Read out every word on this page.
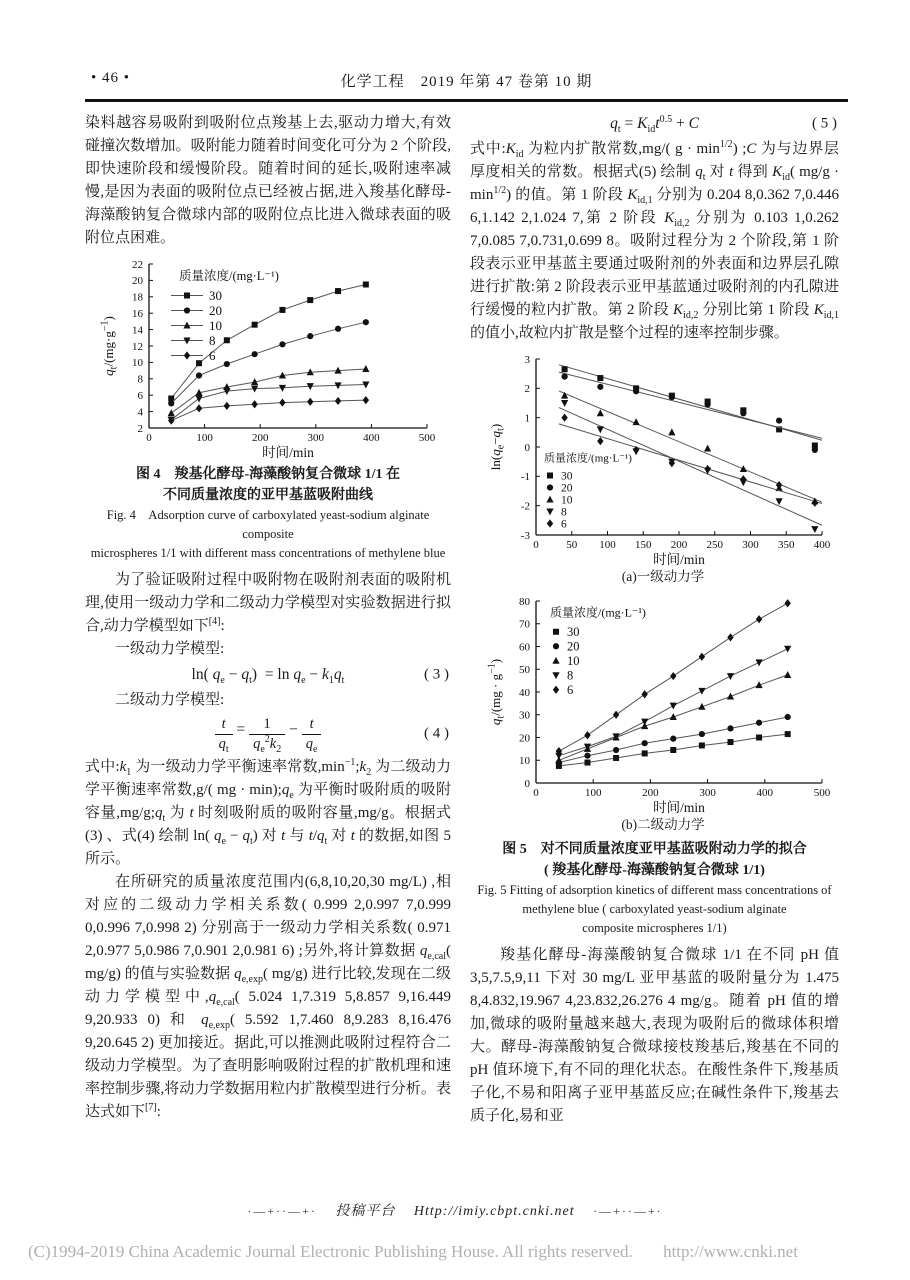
• 46 •	化学工程　2019 年第 47 卷第 10 期

染料越容易吸附到吸附位点羧基上去,驱动力增大,有效碰撞次数增加。吸附能力随着时间变化可分为 2 个阶段,即快速阶段和缓慢阶段。随着时间的延长,吸附速率减慢,是因为表面的吸附位点已经被占据,进入羧基化酵母-海藻酸钠复合微球内部的吸附位点比进入微球表面的吸附位点困难。

$q_t/(mg\cdot g^{-1})$
0	100	200	300	400	500
2
4
6
8
10
12
14
16
18
20
22
时间/min
质量浓度/(mg·L⁻¹)
30
20
10
8
6
图 4　羧基化酵母-海藻酸钠复合微球 1/1 在
不同质量浓度的亚甲基蓝吸附曲线
Fig. 4　Adsorption curve of carboxylated yeast-sodium alginate composite
microspheres 1/1 with different mass concentrations of methylene blue

为了验证吸附过程中吸附物在吸附剂表面的吸附机理,使用一级动力学和二级动力学模型对实验数据进行拟合,动力学模型如下[4]:

一级动力学模型:

ln( $q_e - q_t) = \ln q_e - k_1q_t$	( 3 )

二级动力学模型:

$\frac{t}{q_t} = \frac{1}{q_e^2k_2} - \frac{t}{q_e}$	( 4 )

式中$:k_1$ 为一级动力学平衡速率常数$,\min^{-1};k_2$ 为二级动力学平衡速率常数,g/( mg · $\min);q_e$ 为平衡时吸附质的吸附容量$,mg/g;q_t$ 为 t 时刻吸附质的吸附容量,mg/g。根据式(3) 、式(4) 绘制 ln( $q_e - q_t$) 对 t 与 $t/q_t$ 对 t 的数据,如图 5 所示。

在所研究的质量浓度范围内(6,8,10,20,30 mg/L) ,相对应的二级动力学相关系数( 0.999 2,0.997 7,0.999 0,0.996 7,0.998 2) 分别高于一级动力学相关系数( 0.971 2,0.977 5,0.986 7,0.901 2,0.981 6) ;另外,将计算数据 $q_{e,cal}$( mg/g) 的值与实验数据 $q_{e,exp}$( mg/g) 进行比较,发现在二级动力学模型中$,q_{e,cal}$( 5.024 1,7.319 5,8.857 9,16.449 9,20.933 0) 和 $q_{e,exp}$( 5.592 1,7.460 8,9.283 8,16.476 9,20.645 2) 更加接近。据此,可以推测此吸附过程符合二级动力学模型。为了查明影响吸附过程的扩散机理和速率控制步骤,将动力学数据用粒内扩散模型进行分析。表达式如下[7]:

$q_t = K_{id}t^{0.5} + C$	( 5 )

式中$:K_{id}$ 为粒内扩散常数,mg/( $g \cdot \min^{1/2}$) ;C 为与边界层厚度相关的常数。根据式(5) 绘制 $q_t$ 对 t 得到 $K_{id}$( $mg/g \cdot \min^{1/2}$) 的值。第 1 阶段 $K_{id,1}$ 分别为 0.204 8,0.362 7,0.446 6,1.142 2,1.024 7,第 2 阶段 $K_{id,2}$ 分别为 0.103 1,0.262 7,0.085 7,0.731,0.699 8。吸附过程分为 2 个阶段,第 1 阶段表示亚甲基蓝主要通过吸附剂的外表面和边界层孔隙进行扩散:第 2 阶段表示亚甲基蓝通过吸附剂的内孔隙进行缓慢的粒内扩散。第 2 阶段 $K_{id,2}$ 分别比第 1 阶段 $K_{id,1}$ 的值小,故粒内扩散是整个过程的速率控制步骤。

$\ln(q_e-q_t)$
0	50 100 150 200 250 300 350 400
-3
-2
-1
0
1
2
3
时间/min
质量浓度/(mg·L⁻¹)
30
20
10
8
6
(a)一级动力学
$q_t/(mg \cdot g^{-1})$
0	100	200	300	400	500
0
10
20
30
40
50
60
70
80
时间/min
质量浓度/(mg·L⁻¹)
30
20
10
8
6
(b)二级动力学
图 5　对不同质量浓度亚甲基蓝吸附动力学的拟合
( 羧基化酵母-海藻酸钠复合微球 1/1)
Fig. 5 Fitting of adsorption kinetics of different mass concentrations of
methylene blue ( carboxylated yeast-sodium alginate
composite microspheres 1/1)

羧基化酵母-海藻酸钠复合微球 1/1 在不同 pH 值 3,5,7.5,9,11 下对 30 mg/L 亚甲基蓝的吸附量分为 1.475 8,4.832,19.967 4,23.832,26.276 4 mg/g。随着 pH 值的增加,微球的吸附量越来越大,表现为吸附后的微球体积增大。酵母-海藻酸钠复合微球接枝羧基后,羧基在不同的 pH 值环境下,有不同的理化状态。在酸性条件下,羧基质子化,不易和阳离子亚甲基蓝反应;在碱性条件下,羧基去质子化,易和亚

·―+··―+· 投稿平台 Http://imiy.cbpt.cnki.net ·―+··―+·
(C)1994-2019 China Academic Journal Electronic Publishing House. All rights reserved. http://www.cnki.net
